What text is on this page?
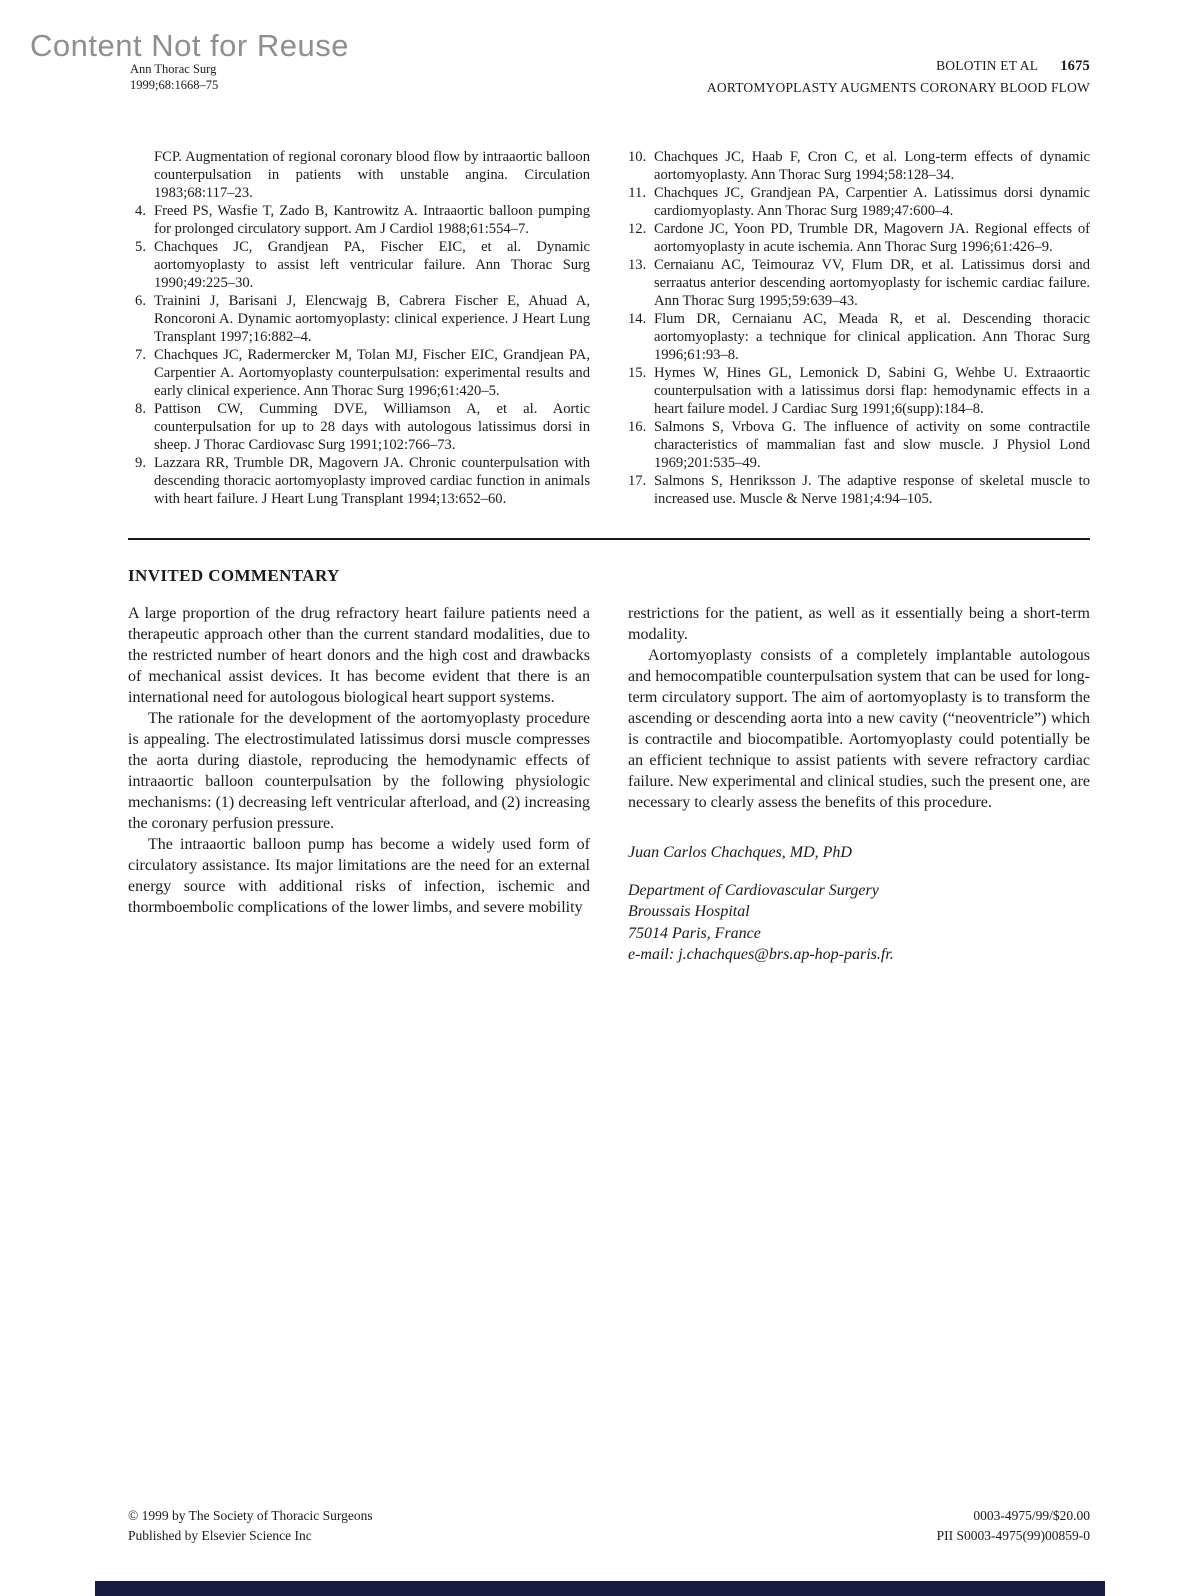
Content Not for Reuse
Ann Thorac Surg
1999;68:1668–75
BOLOTIN ET AL 1675
AORTOMYOPLASTY AUGMENTS CORONARY BLOOD FLOW
FCP. Augmentation of regional coronary blood flow by intraaortic balloon counterpulsation in patients with unstable angina. Circulation 1983;68:117–23.
4. Freed PS, Wasfie T, Zado B, Kantrowitz A. Intraaortic balloon pumping for prolonged circulatory support. Am J Cardiol 1988;61:554–7.
5. Chachques JC, Grandjean PA, Fischer EIC, et al. Dynamic aortomyoplasty to assist left ventricular failure. Ann Thorac Surg 1990;49:225–30.
6. Trainini J, Barisani J, Elencwajg B, Cabrera Fischer E, Ahuad A, Roncoroni A. Dynamic aortomyoplasty: clinical experience. J Heart Lung Transplant 1997;16:882–4.
7. Chachques JC, Radermercker M, Tolan MJ, Fischer EIC, Grandjean PA, Carpentier A. Aortomyoplasty counterpulsation: experimental results and early clinical experience. Ann Thorac Surg 1996;61:420–5.
8. Pattison CW, Cumming DVE, Williamson A, et al. Aortic counterpulsation for up to 28 days with autologous latissimus dorsi in sheep. J Thorac Cardiovasc Surg 1991;102:766–73.
9. Lazzara RR, Trumble DR, Magovern JA. Chronic counterpulsation with descending thoracic aortomyoplasty improved cardiac function in animals with heart failure. J Heart Lung Transplant 1994;13:652–60.
10. Chachques JC, Haab F, Cron C, et al. Long-term effects of dynamic aortomyoplasty. Ann Thorac Surg 1994;58:128–34.
11. Chachques JC, Grandjean PA, Carpentier A. Latissimus dorsi dynamic cardiomyoplasty. Ann Thorac Surg 1989;47:600–4.
12. Cardone JC, Yoon PD, Trumble DR, Magovern JA. Regional effects of aortomyoplasty in acute ischemia. Ann Thorac Surg 1996;61:426–9.
13. Cernaianu AC, Teimouraz VV, Flum DR, et al. Latissimus dorsi and serraatus anterior descending aortomyoplasty for ischemic cardiac failure. Ann Thorac Surg 1995;59:639–43.
14. Flum DR, Cernaianu AC, Meada R, et al. Descending thoracic aortomyoplasty: a technique for clinical application. Ann Thorac Surg 1996;61:93–8.
15. Hymes W, Hines GL, Lemonick D, Sabini G, Wehbe U. Extraaortic counterpulsation with a latissimus dorsi flap: hemodynamic effects in a heart failure model. J Cardiac Surg 1991;6(supp):184–8.
16. Salmons S, Vrbova G. The influence of activity on some contractile characteristics of mammalian fast and slow muscle. J Physiol Lond 1969;201:535–49.
17. Salmons S, Henriksson J. The adaptive response of skeletal muscle to increased use. Muscle & Nerve 1981;4:94–105.
INVITED COMMENTARY

A large proportion of the drug refractory heart failure patients need a therapeutic approach other than the current standard modalities, due to the restricted number of heart donors and the high cost and drawbacks of mechanical assist devices. It has become evident that there is an international need for autologous biological heart support systems.

The rationale for the development of the aortomyoplasty procedure is appealing. The electrostimulated latissimus dorsi muscle compresses the aorta during diastole, reproducing the hemodynamic effects of intraaortic balloon counterpulsation by the following physiologic mechanisms: (1) decreasing left ventricular afterload, and (2) increasing the coronary perfusion pressure.

The intraaortic balloon pump has become a widely used form of circulatory assistance. Its major limitations are the need for an external energy source with additional risks of infection, ischemic and thormboembolic complications of the lower limbs, and severe mobility

restrictions for the patient, as well as it essentially being a short-term modality.

Aortomyoplasty consists of a completely implantable autologous and hemocompatible counterpulsation system that can be used for long-term circulatory support. The aim of aortomyoplasty is to transform the ascending or descending aorta into a new cavity (“neoventricle”) which is contractile and biocompatible. Aortomyoplasty could potentially be an efficient technique to assist patients with severe refractory cardiac failure. New experimental and clinical studies, such the present one, are necessary to clearly assess the benefits of this procedure.

Juan Carlos Chachques, MD, PhD
Department of Cardiovascular Surgery
Broussais Hospital
75014 Paris, France
e-mail: j.chachques@brs.ap-hop-paris.fr.
© 1999 by The Society of Thoracic Surgeons
Published by Elsevier Science Inc
0003-4975/99/$20.00
PII S0003-4975(99)00859-0
